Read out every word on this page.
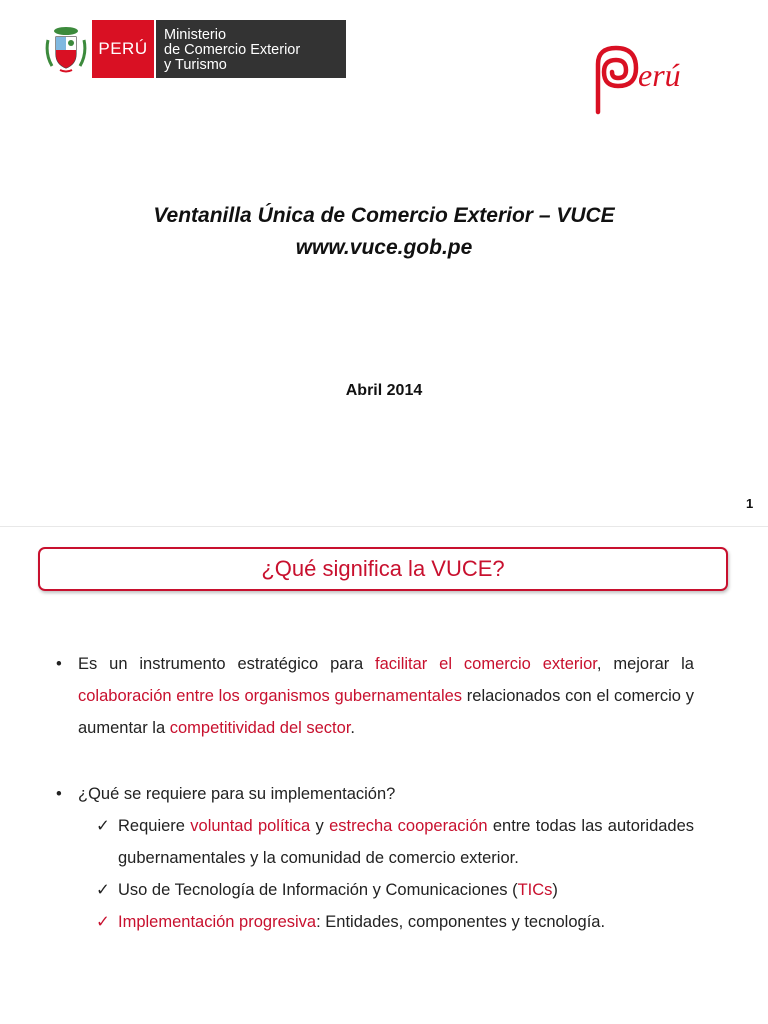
PERÚ
Ministerio
de Comercio Exterior
y Turismo	erú
Ventanilla Única de Comercio Exterior – VUCE
www.vuce.gob.pe
Abril 2014
1
¿Qué significa la VUCE?

• Es un instrumento estratégico para facilitar el comercio exterior, mejorar la colaboración entre los organismos gubernamentales relacionados con el comercio y aumentar la competitividad del sector.

• ¿Qué se requiere para su implementación?

✓ Requiere voluntad política y estrecha cooperación entre todas las autoridades gubernamentales y la comunidad de comercio exterior.

✓ Uso de Tecnología de Información y Comunicaciones (TICs)

✓ Implementación progresiva: Entidades, componentes y tecnología.
